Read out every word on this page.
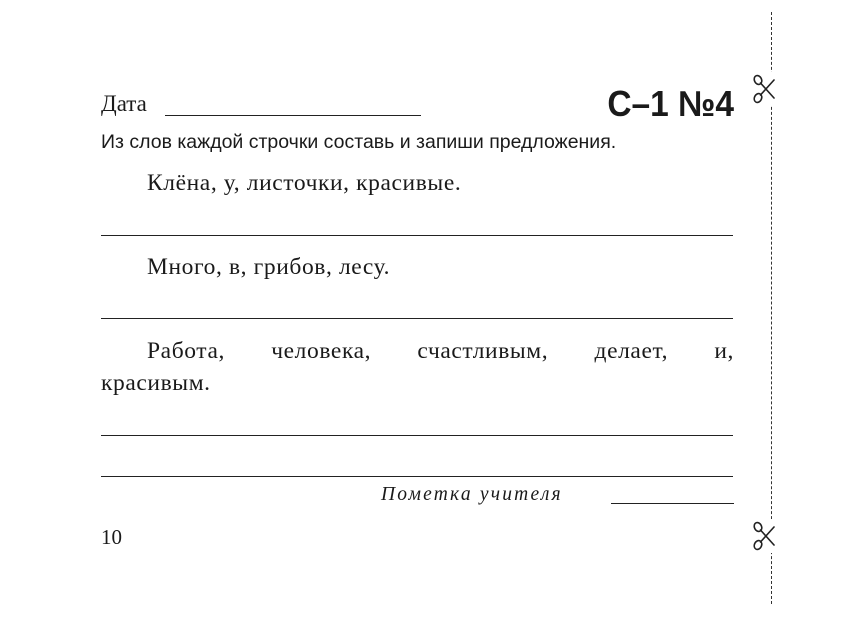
Дата	С–1 №4
Из слов каждой строчки составь и запиши предложения.
Клёна, у, листочки, красивые.
Много, в, грибов, лесу.
Работа, человека, счастливым, делает, и,
красивым.
Пометка учителя
10
